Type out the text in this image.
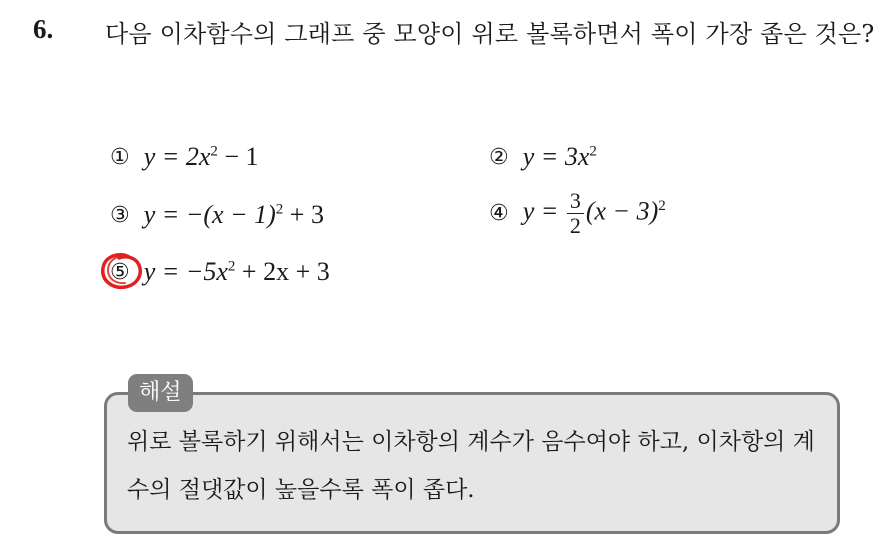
6. 다음 이차함수의 그래프 중 모양이 위로 볼록하면서 폭이 가장 좁은 것은?
① $y = 2x^2 - 1$	② $y = 3x^2$
③ $y = -(x - 1)^2 + 3$	④ $y = \frac{3}{2} (x - 3)^2$
⑤ $y = -5x^2 + 2x + 3$
해설
위로 볼록하기 위해서는 이차항의 계수가 음수여야 하고, 이차항의 계수의 절댓값이 높을수록 폭이 좁다.
